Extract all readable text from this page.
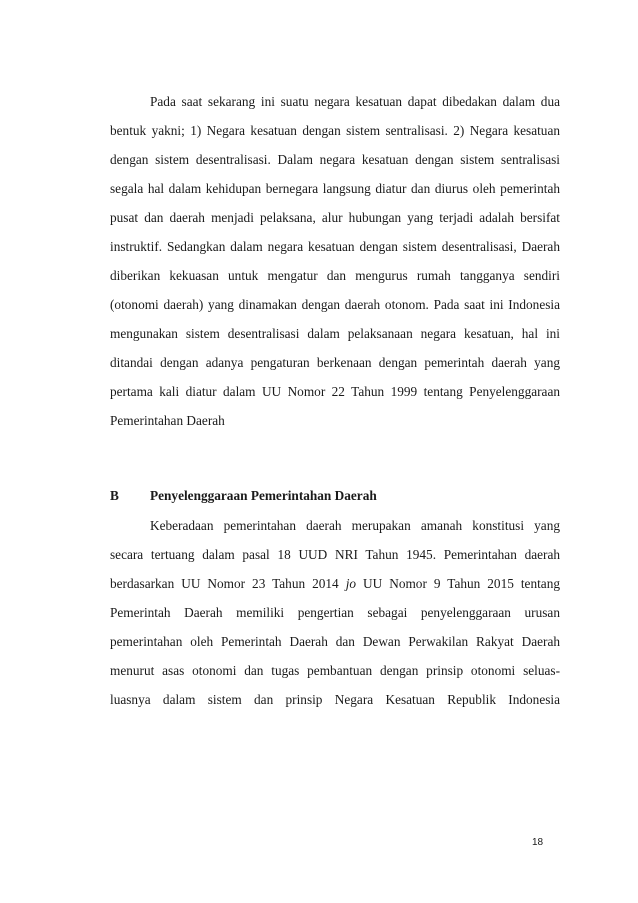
Pada saat sekarang ini suatu negara kesatuan dapat dibedakan dalam dua
bentuk yakni; 1) Negara kesatuan dengan sistem sentralisasi. 2) Negara kesatuan
dengan sistem desentralisasi. Dalam negara kesatuan dengan sistem sentralisasi
segala hal dalam kehidupan bernegara langsung diatur dan diurus oleh pemerintah
pusat dan daerah menjadi pelaksana, alur hubungan yang terjadi adalah bersifat
instruktif. Sedangkan dalam negara kesatuan dengan sistem desentralisasi, Daerah
diberikan kekuasan untuk mengatur dan mengurus rumah tangganya sendiri
(otonomi daerah) yang dinamakan dengan daerah otonom. Pada saat ini Indonesia
mengunakan sistem desentralisasi dalam pelaksanaan negara kesatuan, hal ini
ditandai dengan adanya pengaturan berkenaan dengan pemerintah daerah yang
pertama kali diatur dalam UU Nomor 22 Tahun 1999 tentang Penyelenggaraan
Pemerintahan Daerah
B Penyelenggaraan Pemerintahan Daerah
Keberadaan pemerintahan daerah merupakan amanah konstitusi yang
secara tertuang dalam pasal 18 UUD NRI Tahun 1945. Pemerintahan daerah
berdasarkan UU Nomor 23 Tahun 2014 jo UU Nomor 9 Tahun 2015 tentang
Pemerintah Daerah memiliki pengertian sebagai penyelenggaraan urusan
pemerintahan oleh Pemerintah Daerah dan Dewan Perwakilan Rakyat Daerah
menurut asas otonomi dan tugas pembantuan dengan prinsip otonomi seluas-
luasnya dalam sistem dan prinsip Negara Kesatuan Republik Indonesia
18
